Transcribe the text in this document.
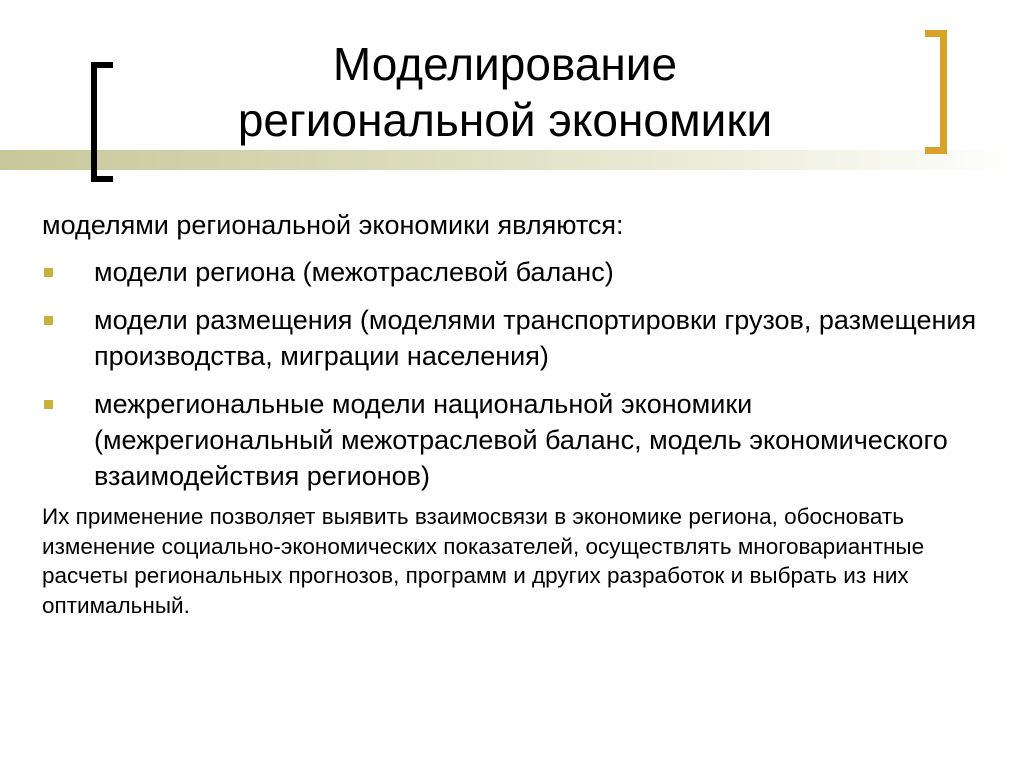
Моделирование
региональной экономики

моделями региональной экономики являются:

модели региона (межотраслевой баланс)
модели размещения (моделями транспортировки грузов, размещения производства, миграции населения)
межрегиональные модели национальной экономики (межрегиональный межотраслевой баланс, модель экономического взаимодействия регионов)

Их применение позволяет выявить взаимосвязи в экономике региона, обосновать изменение социально-экономических показателей, осуществлять многовариантные расчеты региональных прогнозов, программ и других разработок и выбрать из них оптимальный.
